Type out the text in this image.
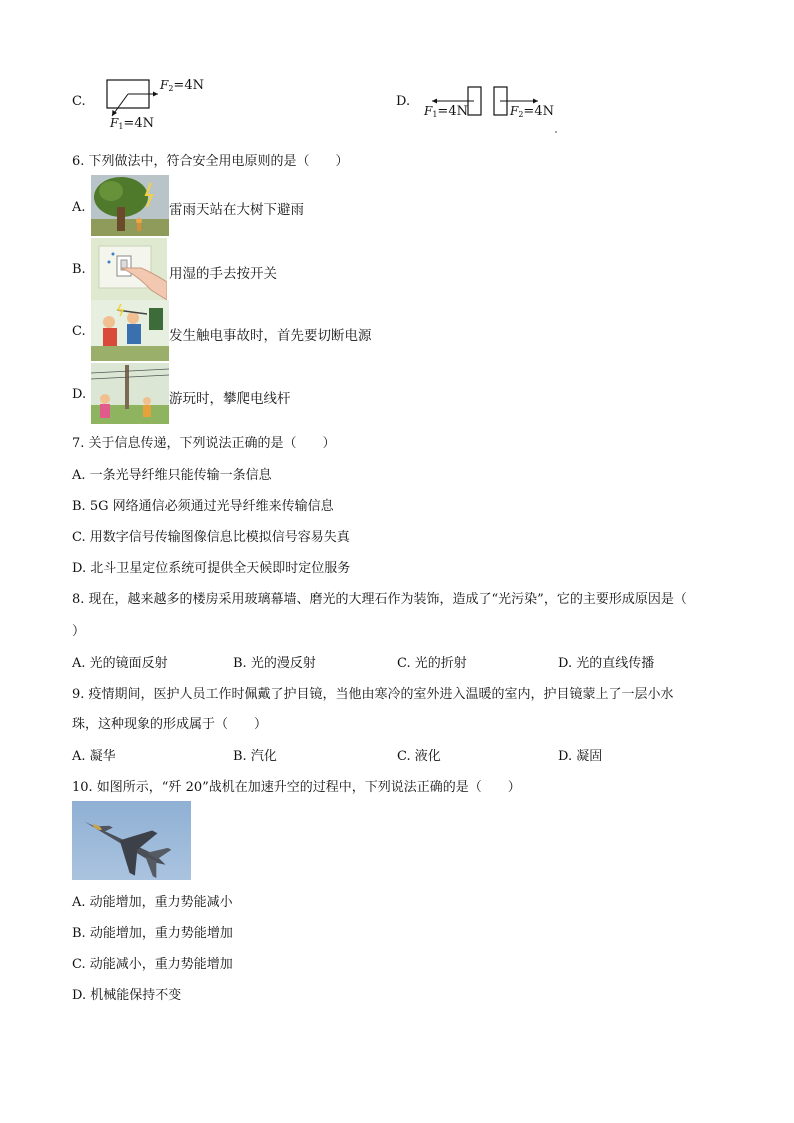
C.
$F_2=4N$
$F_1=4N$
D.
$F_1=4N$	$F_2=4N$
6. 下列做法中，符合安全用电原则的是（　　）
A.	雷雨天站在大树下避雨
B.	用湿的手去按开关
C.	发生触电事故时，首先要切断电源
D.	游玩时，攀爬电线杆
7. 关于信息传递，下列说法正确的是（　　）
A. 一条光导纤维只能传输一条信息
B. 5G 网络通信必须通过光导纤维来传输信息
C. 用数字信号传输图像信息比模拟信号容易失真
D. 北斗卫星定位系统可提供全天候即时定位服务
8. 现在，越来越多的楼房采用玻璃幕墙、磨光的大理石作为装饰，造成了“光污染”，它的主要形成原因是（
）
A. 光的镜面反射	B. 光的漫反射	C. 光的折射	D. 光的直线传播
9. 疫情期间，医护人员工作时佩戴了护目镜，当他由寒冷的室外进入温暖的室内，护目镜蒙上了一层小水
珠，这种现象的形成属于（　　）
A. 凝华	B. 汽化	C. 液化	D. 凝固
10. 如图所示，“歼 20”战机在加速升空的过程中，下列说法正确的是（　　）
A. 动能增加，重力势能减小
B. 动能增加，重力势能增加
C. 动能减小，重力势能增加
D. 机械能保持不变
